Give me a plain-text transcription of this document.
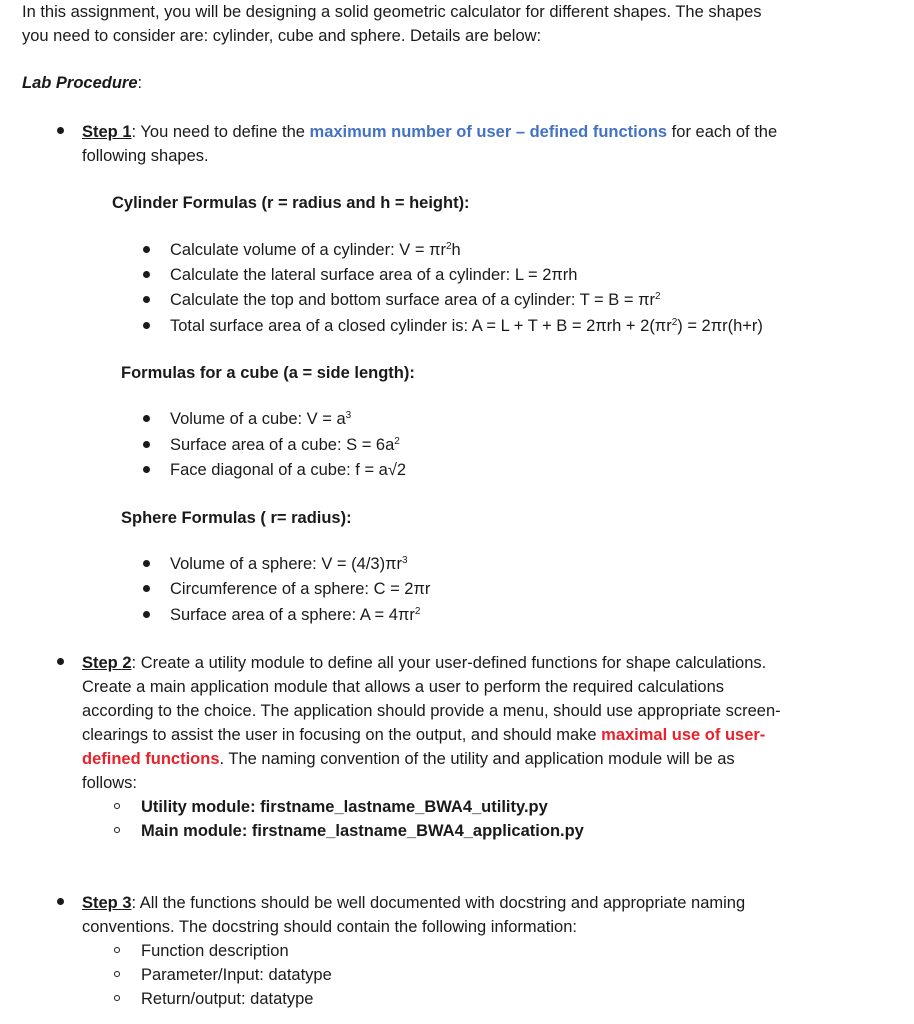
In this assignment, you will be designing a solid geometric calculator for different shapes. The shapes
you need to consider are: cylinder, cube and sphere. Details are below:
Lab Procedure:
Step 1: You need to define the maximum number of user – defined functions for each of the
following shapes.
Cylinder Formulas (r = radius and h = height):
Calculate volume of a cylinder: $V = \pi r^2h$
Calculate the lateral surface area of a cylinder: L = 2πrh
Calculate the top and bottom surface area of a cylinder: $T = B = \pi r^2$
Total surface area of a closed cylinder is: $A = L + T + B = 2\pi rh + 2(\pi r^2) = 2\pi r(h+r)$
Formulas for a cube (a = side length):
Volume of a cube: $V = a^3$
Surface area of a cube: $S = 6a^2$
Face diagonal of a cube: f = a√2
Sphere Formulas ( r= radius):
Volume of a sphere: $V = (4/3)\pi r^3$
Circumference of a sphere: C = 2πr
Surface area of a sphere: $A = 4\pi r^2$
Step 2: Create a utility module to define all your user-defined functions for shape calculations.
Create a main application module that allows a user to perform the required calculations
according to the choice. The application should provide a menu, should use appropriate screen-
clearings to assist the user in focusing on the output, and should make maximal use of user-
defined functions. The naming convention of the utility and application module will be as
follows:
Utility module: firstname_lastname_BWA4_utility.py
Main module: firstname_lastname_BWA4_application.py
Step 3: All the functions should be well documented with docstring and appropriate naming
conventions. The docstring should contain the following information:
Function description
Parameter/Input: datatype
Return/output: datatype
